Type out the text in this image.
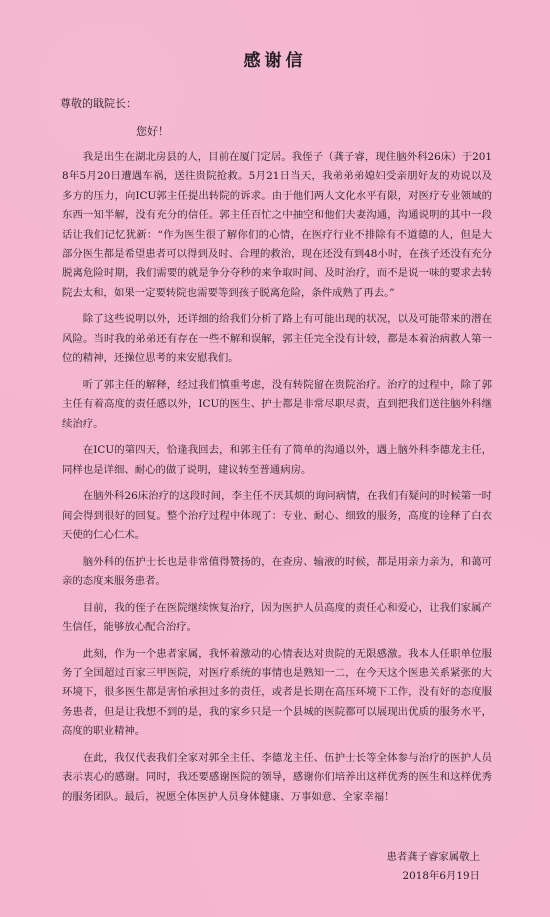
感谢信
尊敬的戢院长：
您好！

我是出生在湖北房县的人，目前在厦门定居。我侄子（龚子睿，现住脑外科26床）于2018年5月20日遭遇车祸，送往贵院抢救。5月21日当天，我弟弟弟媳妇受亲朋好友的劝说以及多方的压力，向ICU郭主任提出转院的诉求。由于他们两人文化水平有限，对医疗专业领域的东西一知半解，没有充分的信任。郭主任百忙之中抽空和他们夫妻沟通，沟通说明的其中一段话让我们记忆犹新：“作为医生很了解你们的心情，在医疗行业不排除有不道德的人，但是大部分医生都是希望患者可以得到及时、合理的救治，现在还没有到48小时，在孩子还没有充分脱离危险时期，我们需要的就是争分夺秒的来争取时间、及时治疗，而不是说一味的要求去转院去太和，如果一定要转院也需要等到孩子脱离危险，条件成熟了再去。”

除了这些说明以外，还详细的给我们分析了路上有可能出现的状况，以及可能带来的潜在风险。当时我的弟弟还有存在一些不解和误解，郭主任完全没有计较，都是本着治病救人第一位的精神，还操位思考的来安慰我们。

听了郭主任的解释，经过我们慎重考虑，没有转院留在贵院治疗。治疗的过程中，除了郭主任有着高度的责任感以外，ICU的医生、护士都是非常尽职尽责，直到把我们送往脑外科继续治疗。

在ICU的第四天，恰逢我回去，和郭主任有了简单的沟通以外，遇上脑外科李德龙主任，同样也是详细、耐心的做了说明，建议转至普通病房。

在脑外科26床治疗的这段时间，李主任不厌其烦的询问病情，在我们有疑问的时候第一时间会得到很好的回复。整个治疗过程中体现了：专业、耐心、细致的服务，高度的诠释了白衣天使的仁心仁术。

脑外科的伍护士长也是非常值得赞扬的，在查房、输液的时候，都是用亲力亲为，和蔼可亲的态度来服务患者。

目前，我的侄子在医院继续恢复治疗，因为医护人员高度的责任心和爱心，让我们家属产生信任，能够放心配合治疗。

此刻，作为一个患者家属，我怀着激动的心情表达对贵院的无限感激。我本人任职单位服务了全国超过百家三甲医院，对医疗系统的事情也是熟知一二，在今天这个医患关系紧张的大环境下，很多医生都是害怕承担过多的责任，或者是长期在高压环境下工作，没有好的态度服务患者，但是让我想不到的是，我的家乡只是一个县城的医院都可以展现出优质的服务水平，高度的职业精神。

在此，我仅代表我们全家对郭全主任、李德龙主任、伍护士长等全体参与治疗的医护人员表示衷心的感谢。同时，我还要感谢医院的领导，感谢你们培养出这样优秀的医生和这样优秀的服务团队。最后，祝愿全体医护人员身体健康、万事如意、全家幸福！

患者龚子睿家属敬上
2018年6月19日
